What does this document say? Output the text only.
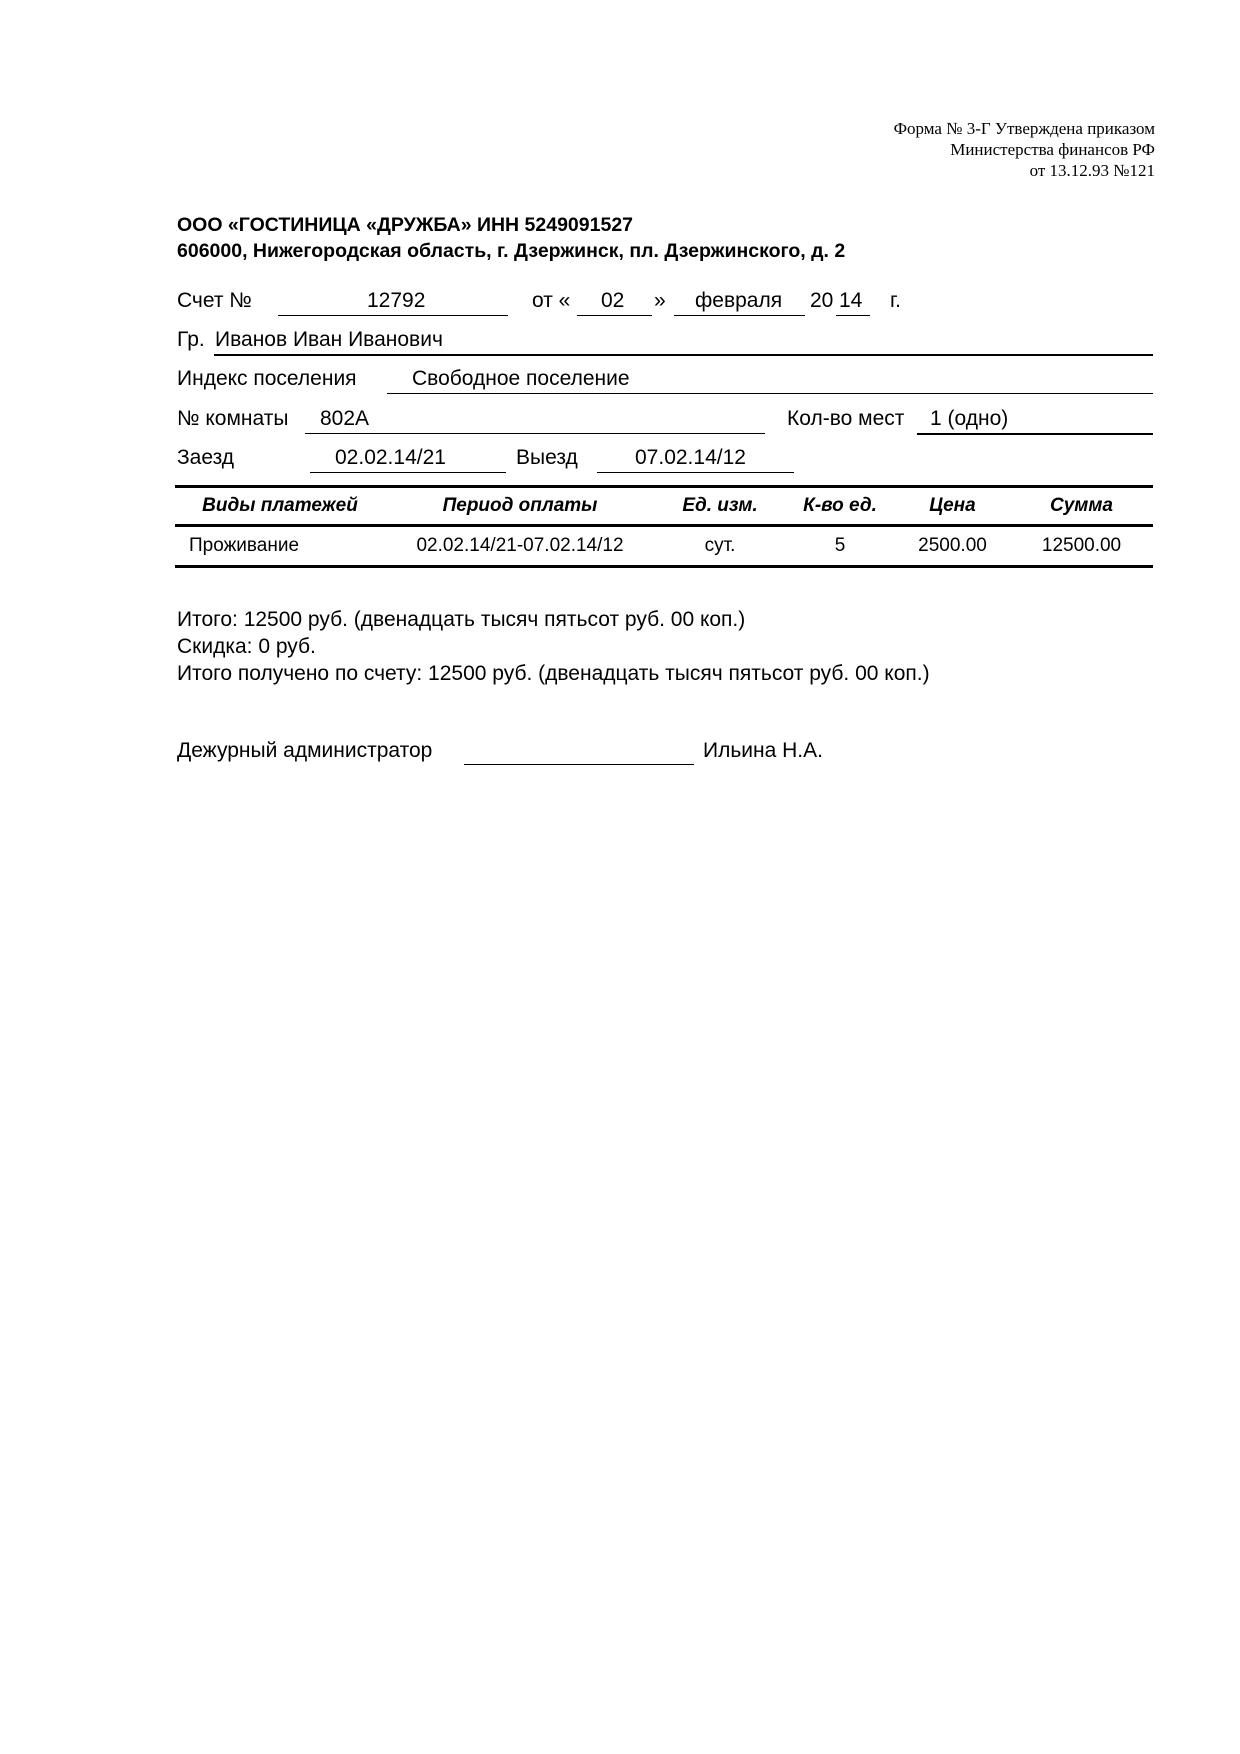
Форма № 3-Г Утверждена приказом
Министерства финансов РФ
от 13.12.93 №121
ООО «ГОСТИНИЦА «ДРУЖБА» ИНН 5249091527
606000, Нижегородская область, г. Дзержинск, пл. Дзержинского, д. 2
Счет №	12792	от « 02 » февраля 20 14 г.
Гр. Иванов Иван Иванович
Индекс поселения	Свободное поселение
№ комнаты 802А	Кол-во мест 1 (одно)
Заезд	02.02.14/21	Выезд	07.02.14/12
Виды платежей	Период оплаты	Ед. изм.	К-во ед.	Цена	Сумма
Проживание	02.02.14/21-07.02.14/12	сут.	5	2500.00	12500.00
Итого: 12500 руб. (двенадцать тысяч пятьсот руб. 00 коп.)
Скидка: 0 руб.
Итого получено по счету: 12500 руб. (двенадцать тысяч пятьсот руб. 00 коп.)
Дежурный администратор	Ильина Н.А.
